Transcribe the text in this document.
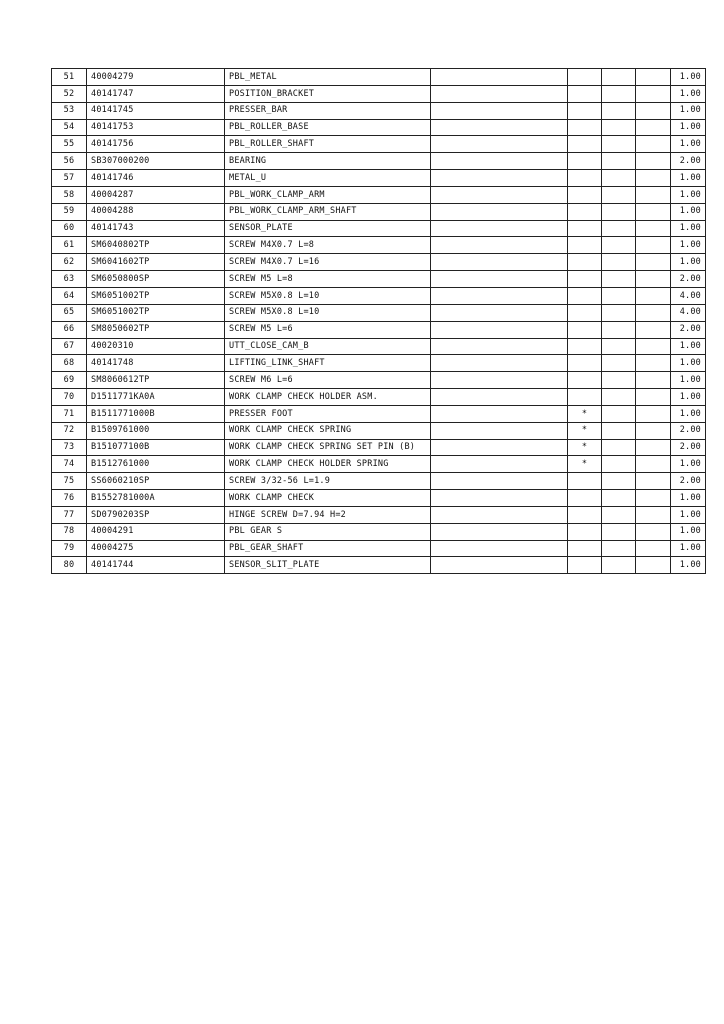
51	40004279	PBL_METAL					1.00
52	40141747	POSITION_BRACKET					1.00
53	40141745	PRESSER_BAR					1.00
54	40141753	PBL_ROLLER_BASE					1.00
55	40141756	PBL_ROLLER_SHAFT					1.00
56	SB307000200	BEARING					2.00
57	40141746	METAL_U					1.00
58	40004287	PBL_WORK_CLAMP_ARM					1.00
59	40004288	PBL_WORK_CLAMP_ARM_SHAFT					1.00
60	40141743	SENSOR_PLATE					1.00
61	SM6040802TP	SCREW M4X0.7 L=8					1.00
62	SM6041602TP	SCREW M4X0.7 L=16					1.00
63	SM6050800SP	SCREW M5 L=8					2.00
64	SM6051002TP	SCREW M5X0.8 L=10					4.00
65	SM6051002TP	SCREW M5X0.8 L=10					4.00
66	SM8050602TP	SCREW M5 L=6					2.00
67	40020310	UTT_CLOSE_CAM_B					1.00
68	40141748	LIFTING_LINK_SHAFT					1.00
69	SM8060612TP	SCREW M6 L=6					1.00
70	D1511771KA0A	WORK CLAMP CHECK HOLDER ASM.					1.00
71	B1511771000B	PRESSER FOOT		*			1.00
72	B1509761000	WORK CLAMP CHECK SPRING		*			2.00
73	B151077100B	WORK CLAMP CHECK SPRING SET PIN (B)		*			2.00
74	B1512761000	WORK CLAMP CHECK HOLDER SPRING		*			1.00
75	SS6060210SP	SCREW 3/32-56 L=1.9					2.00
76	B1552781000A	WORK CLAMP CHECK					1.00
77	SD0790203SP	HINGE SCREW D=7.94 H=2					1.00
78	40004291	PBL GEAR S					1.00
79	40004275	PBL_GEAR_SHAFT					1.00
80	40141744	SENSOR_SLIT_PLATE					1.00
